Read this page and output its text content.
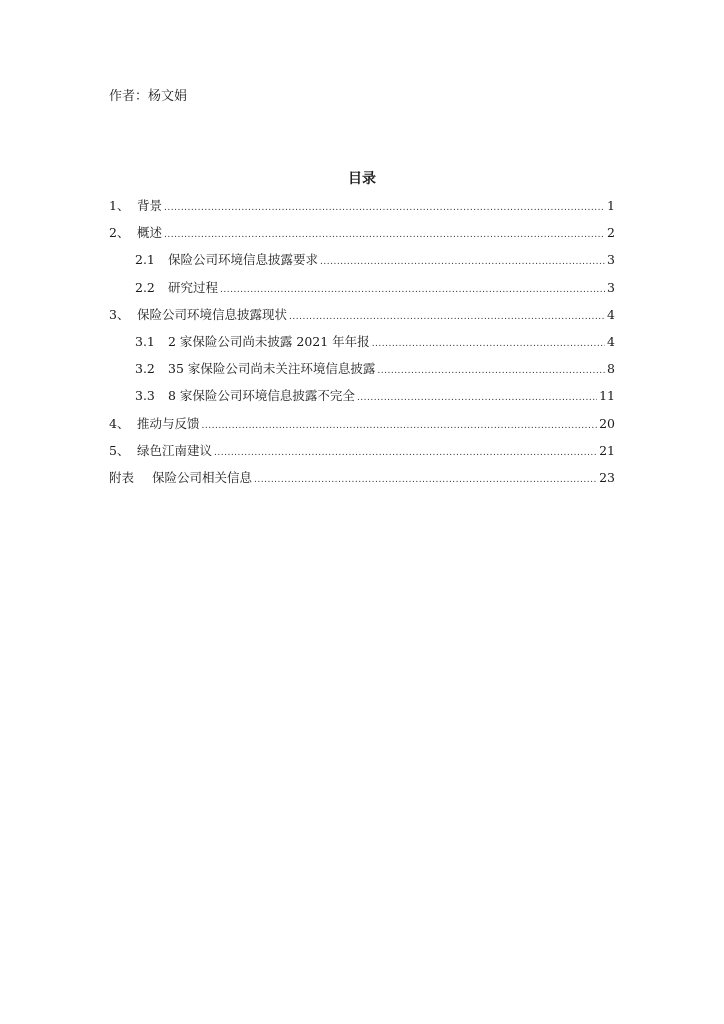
作者：杨文娟
目录
1、 背景 .....	1
2、 概述 .....	2
2.1	保险公司环境信息披露要求 .....	3
2.2	研究过程 .....	3
3、 保险公司环境信息披露现状 .....	4
3.1	2 家保险公司尚未披露 2021 年年报 .....	4
3.2	35 家保险公司尚未关注环境信息披露 .....	8
3.3	8 家保险公司环境信息披露不完全 .....	11
4、 推动与反馈 .....	20
5、 绿色江南建议 .....	21
附表	保险公司相关信息 .....	23
